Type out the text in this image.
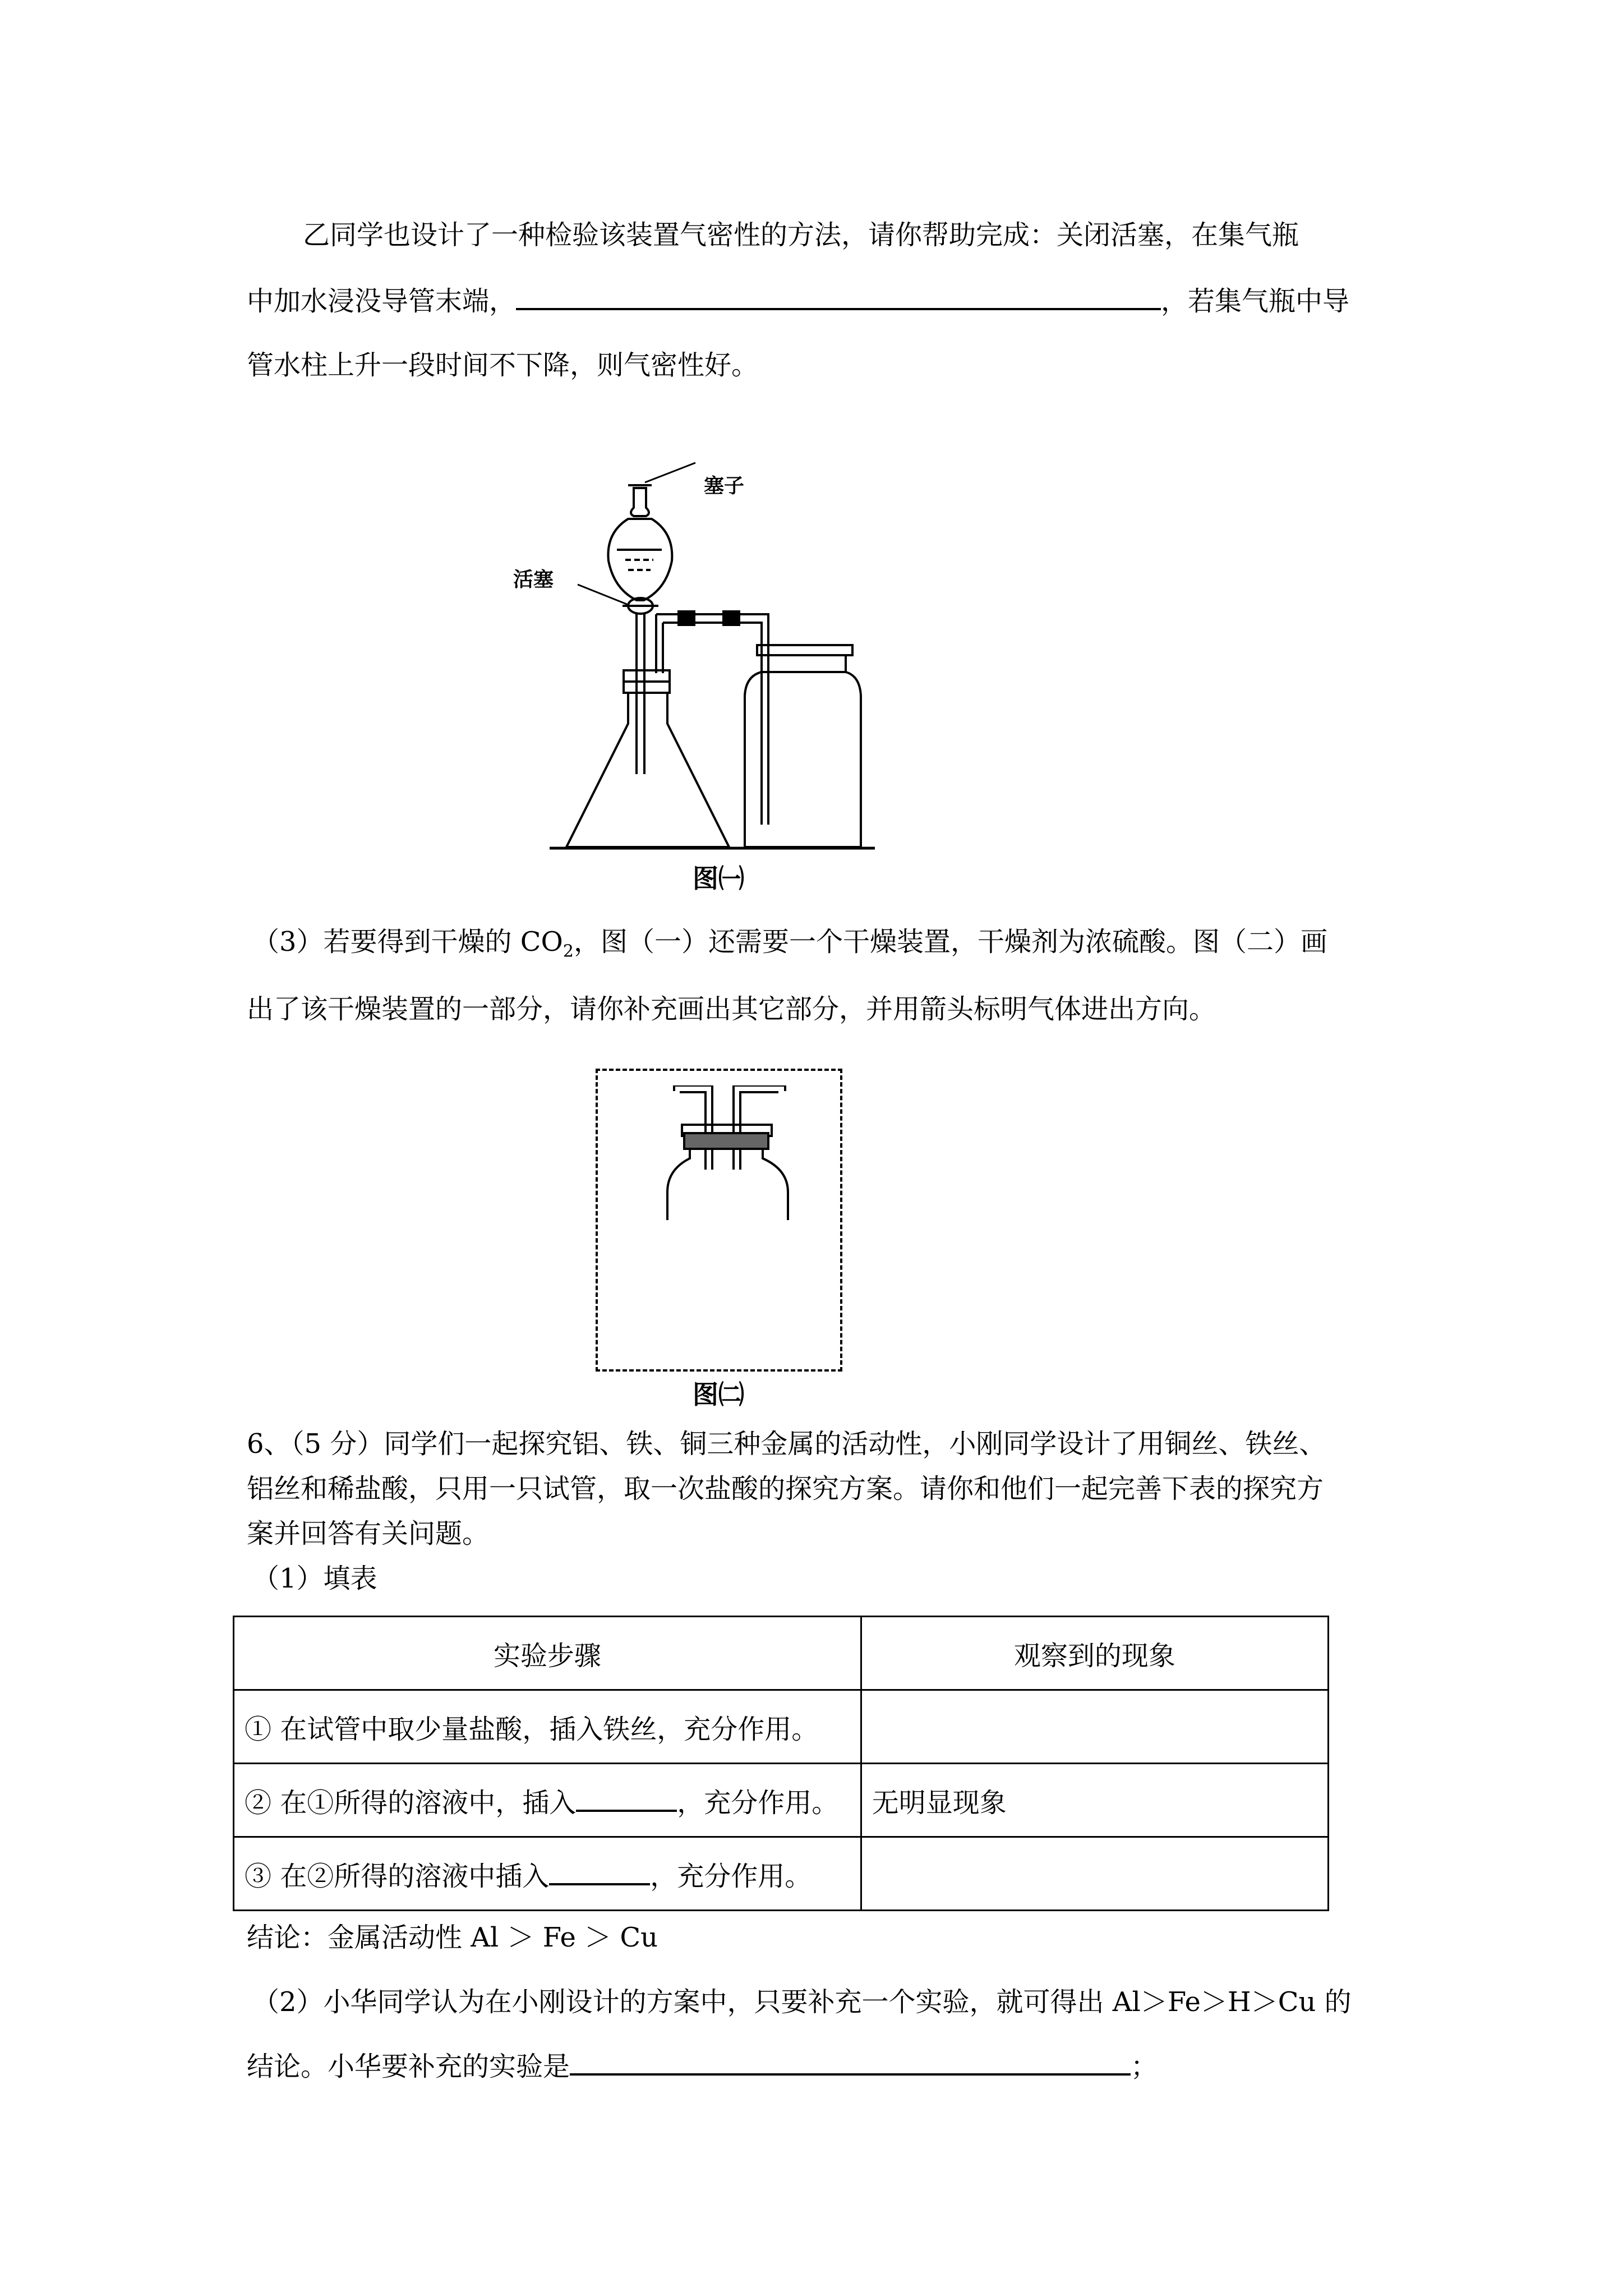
乙同学也设计了一种检验该装置气密性的方法，请你帮助完成：关闭活塞，在集气瓶

中加水浸没导管末端，	，若集气瓶中导

管水柱上升一段时间不下降，则气密性好。

塞子
活塞
图㈠

（3）若要得到干燥的 $CO_2$，图（一）还需要一个干燥装置，干燥剂为浓硫酸。图（二）画

出了该干燥装置的一部分，请你补充画出其它部分，并用箭头标明气体进出方向。

图㈡

6、（5 分）同学们一起探究铝、铁、铜三种金属的活动性，小刚同学设计了用铜丝、铁丝、

铝丝和稀盐酸，只用一只试管，取一次盐酸的探究方案。请你和他们一起完善下表的探究方

案并回答有关问题。

（1）填表

实验步骤	观察到的现象
① 在试管中取少量盐酸，插入铁丝，充分作用。	
② 在①所得的溶液中，插入 ，充分作用。	无明显现象
③ 在②所得的溶液中插入 ，充分作用。	

结论：金属活动性 Al ＞ Fe ＞ Cu

（2）小华同学认为在小刚设计的方案中，只要补充一个实验，就可得出 Al＞Fe＞H＞Cu 的

结论。小华要补充的实验是	；
